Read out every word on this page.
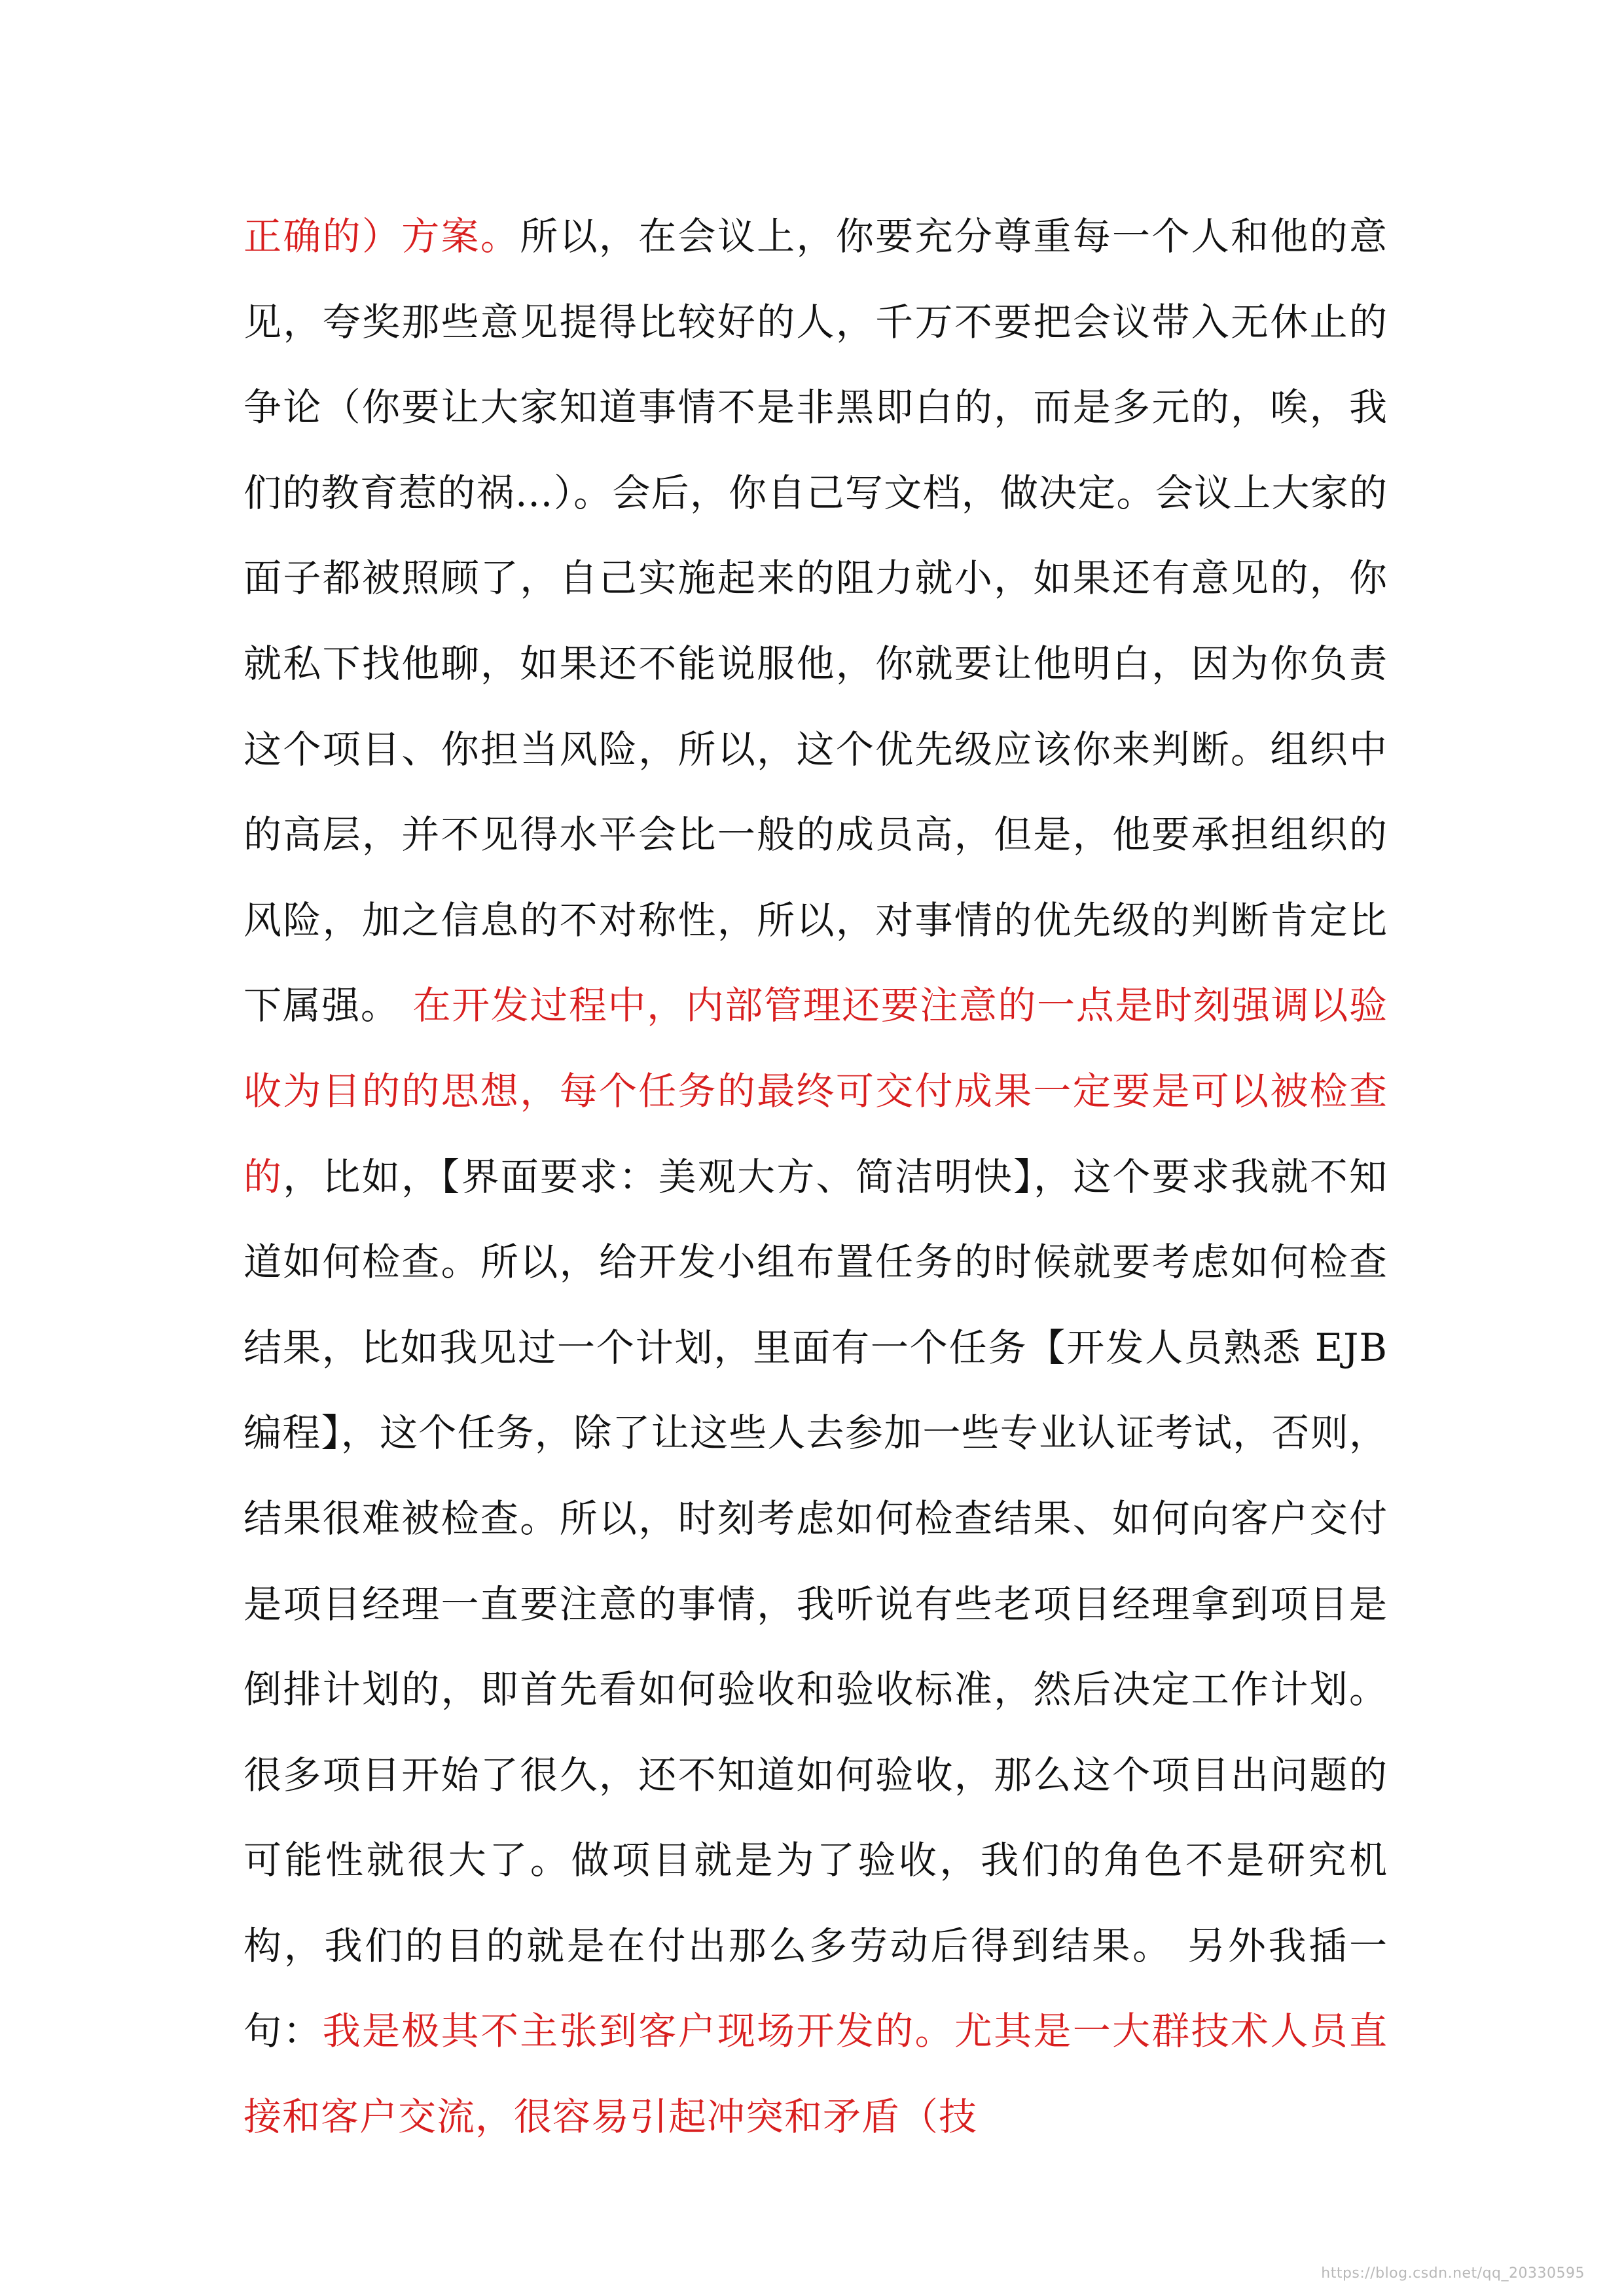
正确的）方案。所以，在会议上，你要充分尊重每一个人和他的意见，夸奖那些意见提得比较好的人，千万不要把会议带入无休止的争论（你要让大家知道事情不是非黑即白的，而是多元的，唉，我们的教育惹的祸…）。会后，你自己写文档，做决定。会议上大家的面子都被照顾了，自己实施起来的阻力就小，如果还有意见的，你就私下找他聊，如果还不能说服他，你就要让他明白，因为你负责这个项目、你担当风险，所以，这个优先级应该你来判断。组织中的高层，并不见得水平会比一般的成员高，但是，他要承担组织的风险，加之信息的不对称性，所以，对事情的优先级的判断肯定比下属强。 在开发过程中，内部管理还要注意的一点是时刻强调以验收为目的的思想，每个任务的最终可交付成果一定要是可以被检查的，比如，【界面要求：美观大方、简洁明快】，这个要求我就不知道如何检查。所以，给开发小组布置任务的时候就要考虑如何检查结果，比如我见过一个计划，里面有一个任务【开发人员熟悉 EJB 编程】，这个任务，除了让这些人去参加一些专业认证考试，否则，结果很难被检查。所以，时刻考虑如何检查结果、如何向客户交付是项目经理一直要注意的事情，我听说有些老项目经理拿到项目是倒排计划的，即首先看如何验收和验收标准，然后决定工作计划。很多项目开始了很久，还不知道如何验收，那么这个项目出问题的可能性就很大了。做项目就是为了验收，我们的角色不是研究机构，我们的目的就是在付出那么多劳动后得到结果。 另外我插一句：我是极其不主张到客户现场开发的。尤其是一大群技术人员直接和客户交流，很容易引起冲突和矛盾（技
https://blog.csdn.net/qq_20330595
